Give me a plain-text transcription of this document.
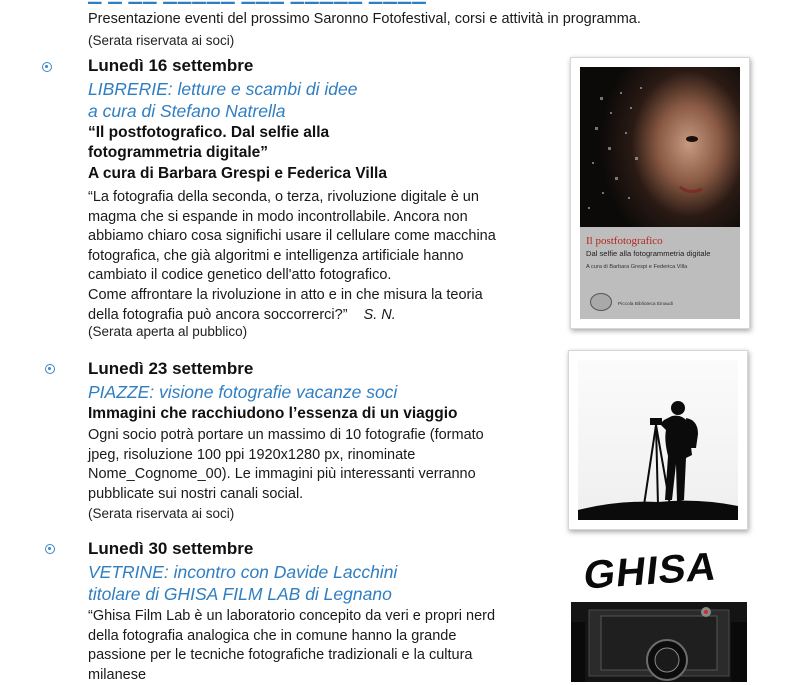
Presentazione eventi del prossimo Saronno Fotofestival, corsi e attività in programma.
(Serata riservata ai soci)
Lunedì 16 settembre
LIBRERIE: letture e scambi di idee
a cura di Stefano Natrella
“Il postfotografico. Dal selfie alla
fotogrammetria digitale”
A cura di Barbara Grespi e Federica Villa
“La fotografia della seconda, o terza, rivoluzione digitale è un
magma che si espande in modo incontrollabile. Ancora non
abbiamo chiaro cosa significhi usare il cellulare come macchina
fotografica, che già algoritmi e intelligenza artificiale hanno
cambiato il codice genetico dell'atto fotografico.
Come affrontare la rivoluzione in atto e in che misura la teoria
della fotografia può ancora soccorrerci?” S. N.
(Serata aperta al pubblico)
Il postfotografico
Dal selfie alla fotogrammetria digitale
A cura di Barbara Grespi e Federica Villa
Piccola Biblioteca Einaudi
Lunedì 23 settembre
PIAZZE: visione fotografie vacanze soci
Immagini che racchiudono l’essenza di un viaggio
Ogni socio potrà portare un massimo di 10 fotografie (formato
jpeg, risoluzione 100 ppi 1920x1280 px, rinominate
Nome_Cognome_00). Le immagini più interessanti verranno
pubblicate sui nostri canali social.
(Serata riservata ai soci)
Lunedì 30 settembre
VETRINE: incontro con Davide Lacchini
titolare di GHISA FILM LAB di Legnano
“Ghisa Film Lab è un laboratorio concepito da veri e propri nerd
della fotografia analogica che in comune hanno la grande
passione per le tecniche fotografiche tradizionali e la cultura
milanese
GHISA
